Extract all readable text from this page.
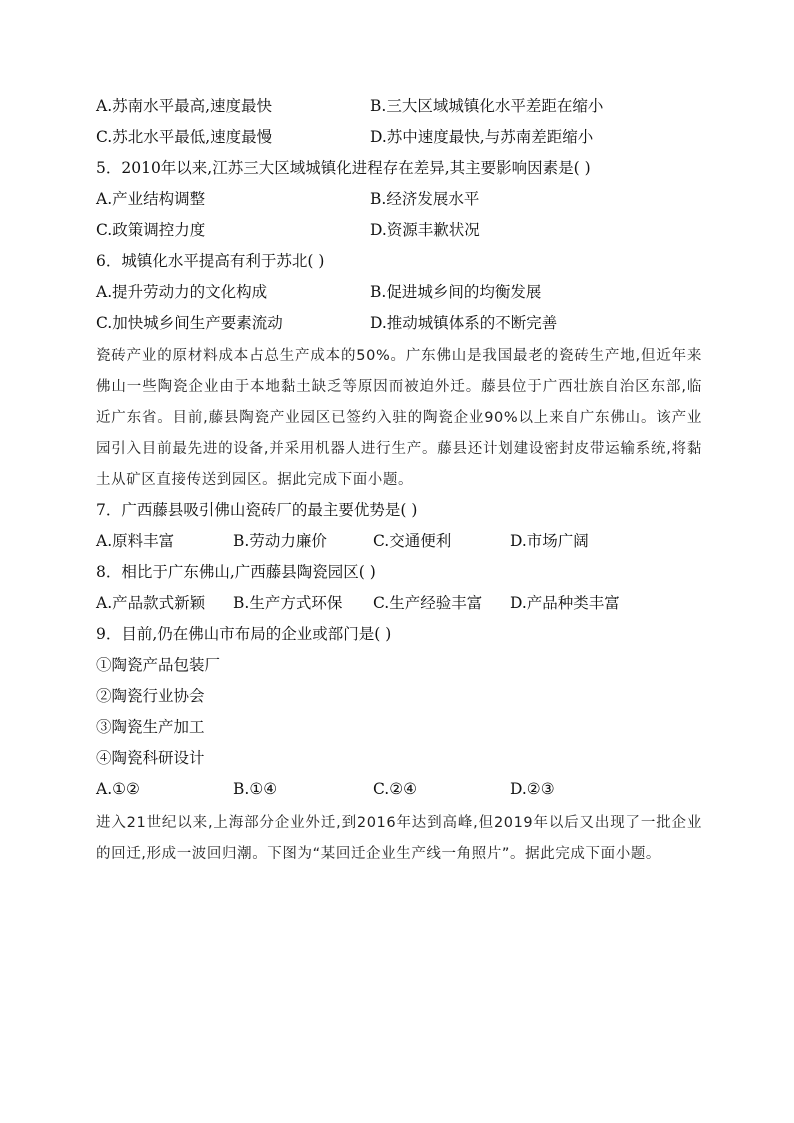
A.苏南水平最高,速度最快	B.三大区域城镇化水平差距在缩小
C.苏北水平最低,速度最慢	D.苏中速度最快,与苏南差距缩小
5．2010年以来,江苏三大区域城镇化进程存在差异,其主要影响因素是( )
A.产业结构调整	B.经济发展水平
C.政策调控力度	D.资源丰歉状况
6．城镇化水平提高有利于苏北( )
A.提升劳动力的文化构成	B.促进城乡间的均衡发展
C.加快城乡间生产要素流动	D.推动城镇体系的不断完善
瓷砖产业的原材料成本占总生产成本的50%。广东佛山是我国最老的瓷砖生产地,但近年来佛山一些陶瓷企业由于本地黏土缺乏等原因而被迫外迁。藤县位于广西壮族自治区东部,临近广东省。目前,藤县陶瓷产业园区已签约入驻的陶瓷企业90%以上来自广东佛山。该产业园引入目前最先进的设备,并采用机器人进行生产。藤县还计划建设密封皮带运输系统,将黏土从矿区直接传送到园区。据此完成下面小题。
7．广西藤县吸引佛山瓷砖厂的最主要优势是( )
A.原料丰富	B.劳动力廉价	C.交通便利	D.市场广阔
8．相比于广东佛山,广西藤县陶瓷园区( )
A.产品款式新颖 B.生产方式环保 C.生产经验丰富 D.产品种类丰富
9．目前,仍在佛山市布局的企业或部门是( )
①陶瓷产品包装厂
②陶瓷行业协会
③陶瓷生产加工
④陶瓷科研设计
A.①②	B.①④	C.②④	D.②③
进入21世纪以来,上海部分企业外迁,到2016年达到高峰,但2019年以后又出现了一批企业的回迁,形成一波回归潮。下图为“某回迁企业生产线一角照片”。据此完成下面小题。
